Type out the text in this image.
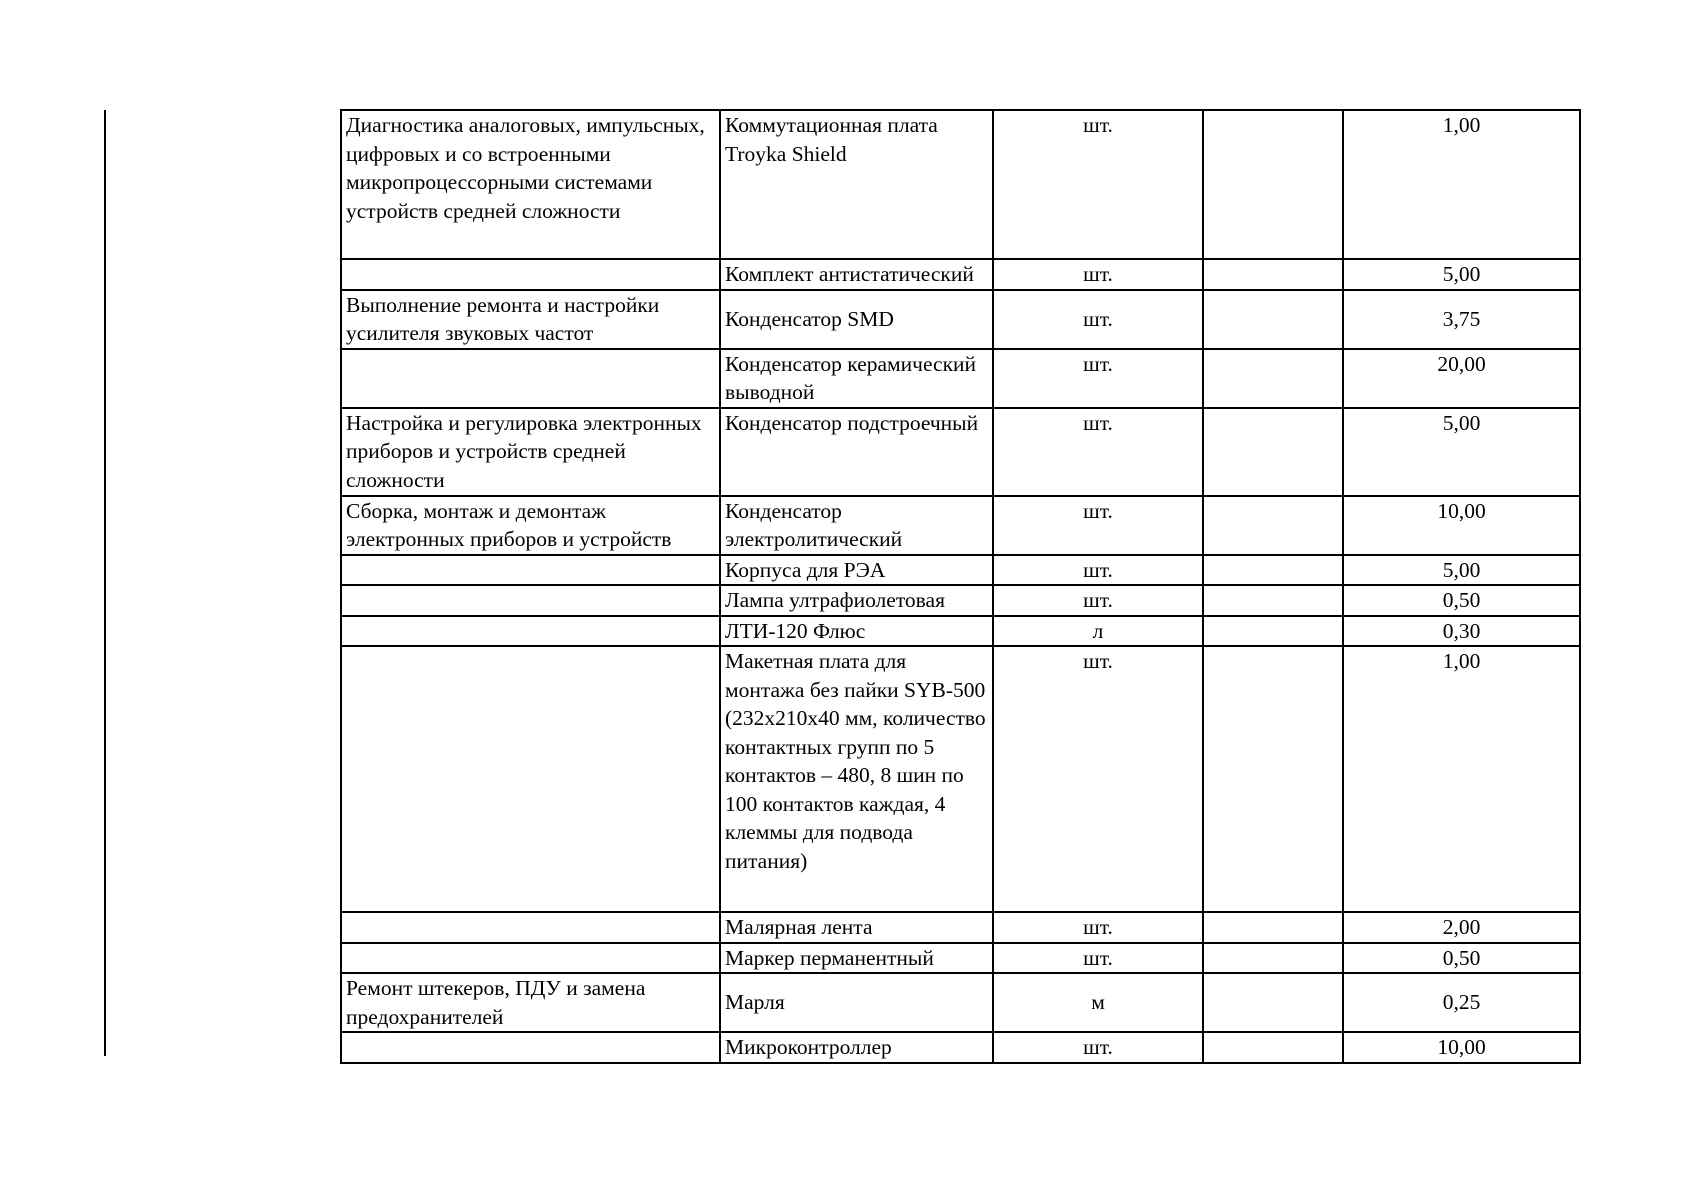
Диагностика аналоговых, импульсных, цифровых и со встроенными микропроцессорными системами устройств средней сложности	Коммутационная плата Troyka Shield	шт.		1,00
	Комплект антистатический	шт.		5,00
Выполнение ремонта и настройки усилителя звуковых частот	Конденсатор SMD	шт.		3,75
	Конденсатор керамический выводной	шт.		20,00
Настройка и регулировка электронных приборов и устройств средней сложности	Конденсатор подстроечный	шт.		5,00
Сборка, монтаж и демонтаж электронных приборов и устройств	Конденсатор электролитический	шт.		10,00
	Корпуса для РЭА	шт.		5,00
	Лампа ултрафиолетовая	шт.		0,50
	ЛТИ-120 Флюс	л		0,30
	Макетная плата для монтажа без пайки SYB-500 (232х210х40 мм, количество контактных групп по 5 контактов – 480, 8 шин по 100 контактов каждая, 4 клеммы для подвода питания)	шт.		1,00
	Малярная лента	шт.		2,00
	Маркер перманентный	шт.		0,50
Ремонт штекеров, ПДУ и замена предохранителей	Марля	м		0,25
	Микроконтроллер	шт.		10,00
